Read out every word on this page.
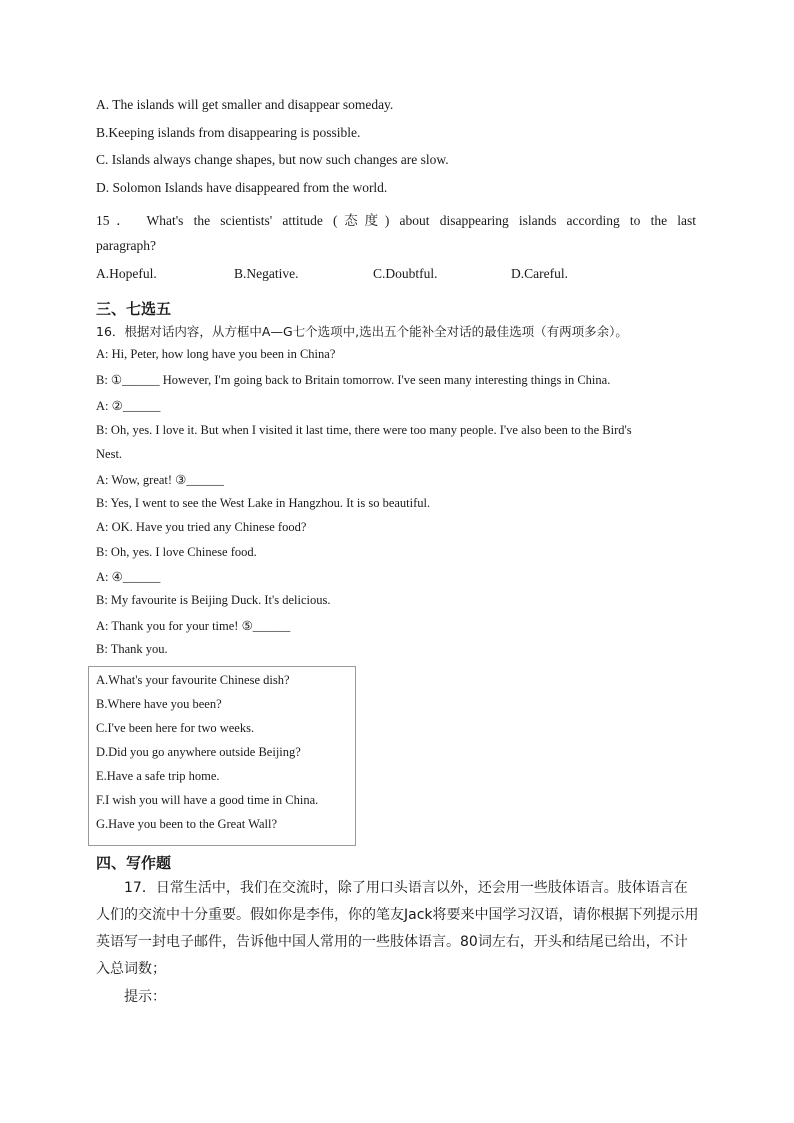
A. The islands will get smaller and disappear someday.
B.Keeping islands from disappearing is possible.
C. Islands always change shapes, but now such changes are slow.
D. Solomon Islands have disappeared from the world.
15． What's the scientists' attitude (态度) about disappearing islands according to the last
paragraph?
A.Hopeful.	B.Negative.	C.Doubtful.	D.Careful.
三、七选五
16．根据对话内容，从方框中A—G七个选项中,选出五个能补全对话的最佳选项（有两项多余）。
A: Hi, Peter, how long have you been in China?
B: ①______ However, I'm going back to Britain tomorrow. I've seen many interesting things in China.
A: ②______
B: Oh, yes. I love it. But when I visited it last time, there were too many people. I've also been to the Bird's
Nest.
A: Wow, great! ③______
B: Yes, I went to see the West Lake in Hangzhou. It is so beautiful.
A: OK. Have you tried any Chinese food?
B: Oh, yes. I love Chinese food.
A: ④______
B: My favourite is Beijing Duck. It's delicious.
A: Thank you for your time! ⑤______
B: Thank you.
A.What's your favourite Chinese dish?
B.Where have you been?
C.I've been here for two weeks.
D.Did you go anywhere outside Beijing?
E.Have a safe trip home.
F.I wish you will have a good time in China.
G.Have you been to the Great Wall?
四、写作题
17．日常生活中，我们在交流时，除了用口头语言以外，还会用一些肢体语言。肢体语言在
人们的交流中十分重要。假如你是李伟，你的笔友Jack将要来中国学习汉语，请你根据下列提示用
英语写一封电子邮件，告诉他中国人常用的一些肢体语言。80词左右，开头和结尾已给出，不计
入总词数；
提示：
